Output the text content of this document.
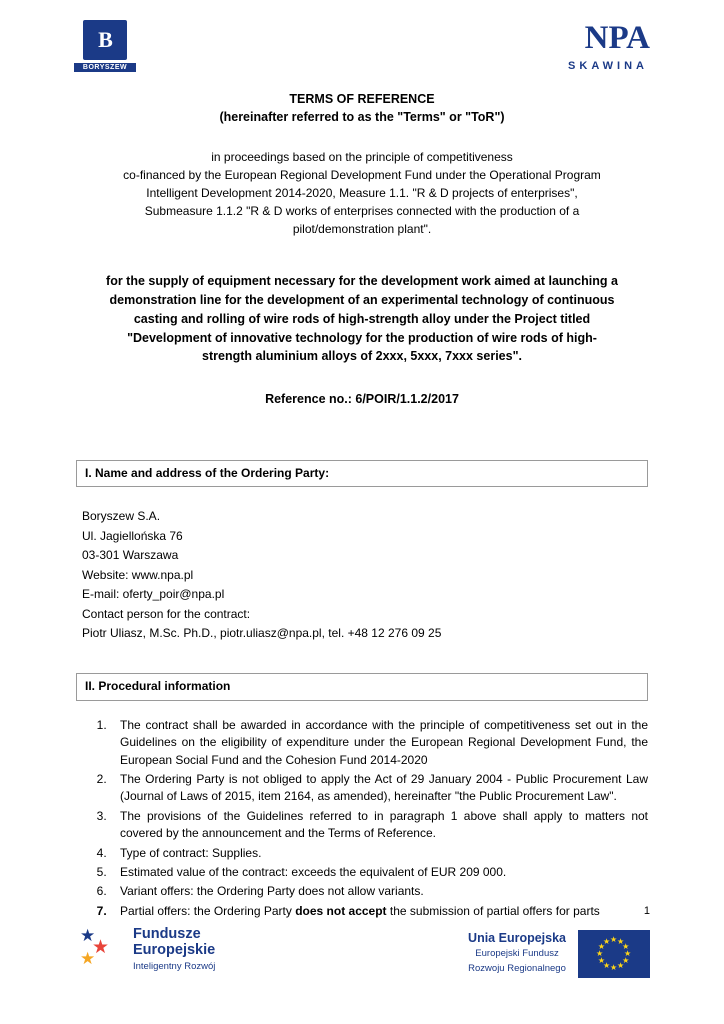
B
BORYSZEW
NPA
SKAWINA
TERMS OF REFERENCE
(hereinafter referred to as the "Terms" or "ToR")
in proceedings based on the principle of competitiveness
co-financed by the European Regional Development Fund under the Operational Program
Intelligent Development 2014-2020, Measure 1.1. "R & D projects of enterprises",
Submeasure 1.1.2 "R & D works of enterprises connected with the production of a
pilot/demonstration plant".
for the supply of equipment necessary for the development work aimed at launching a
demonstration line for the development of an experimental technology of continuous
casting and rolling of wire rods of high-strength alloy under the Project titled
"Development of innovative technology for the production of wire rods of high-
strength aluminium alloys of 2xxx, 5xxx, 7xxx series".
Reference no.: 6/POIR/1.1.2/2017
I. Name and address of the Ordering Party:
Boryszew S.A.
Ul. Jagiellońska 76
03-301 Warszawa
Website: www.npa.pl
E-mail: oferty_poir@npa.pl
Contact person for the contract:
Piotr Uliasz, M.Sc. Ph.D., piotr.uliasz@npa.pl, tel. +48 12 276 09 25
II. Procedural information
1. The contract shall be awarded in accordance with the principle of competitiveness set out in the Guidelines on the eligibility of expenditure under the European Regional Development Fund, the European Social Fund and the Cohesion Fund 2014-2020
2. The Ordering Party is not obliged to apply the Act of 29 January 2004 - Public Procurement Law (Journal of Laws of 2015, item 2164, as amended), hereinafter "the Public Procurement Law".
3. The provisions of the Guidelines referred to in paragraph 1 above shall apply to matters not covered by the announcement and the Terms of Reference.
4. Type of contract: Supplies.
5. Estimated value of the contract: exceeds the equivalent of EUR 209 000.
6. Variant offers: the Ordering Party does not allow variants.
7. Partial offers: the Ordering Party does not accept the submission of partial offers for parts	1
★
★
★
Fundusze
Europejskie
Inteligentny Rozwój
Unia Europejska
Europejski Fundusz
Rozwoju Regionalnego
★ ★
★
★
★
★
★
★
★
★
★
★
